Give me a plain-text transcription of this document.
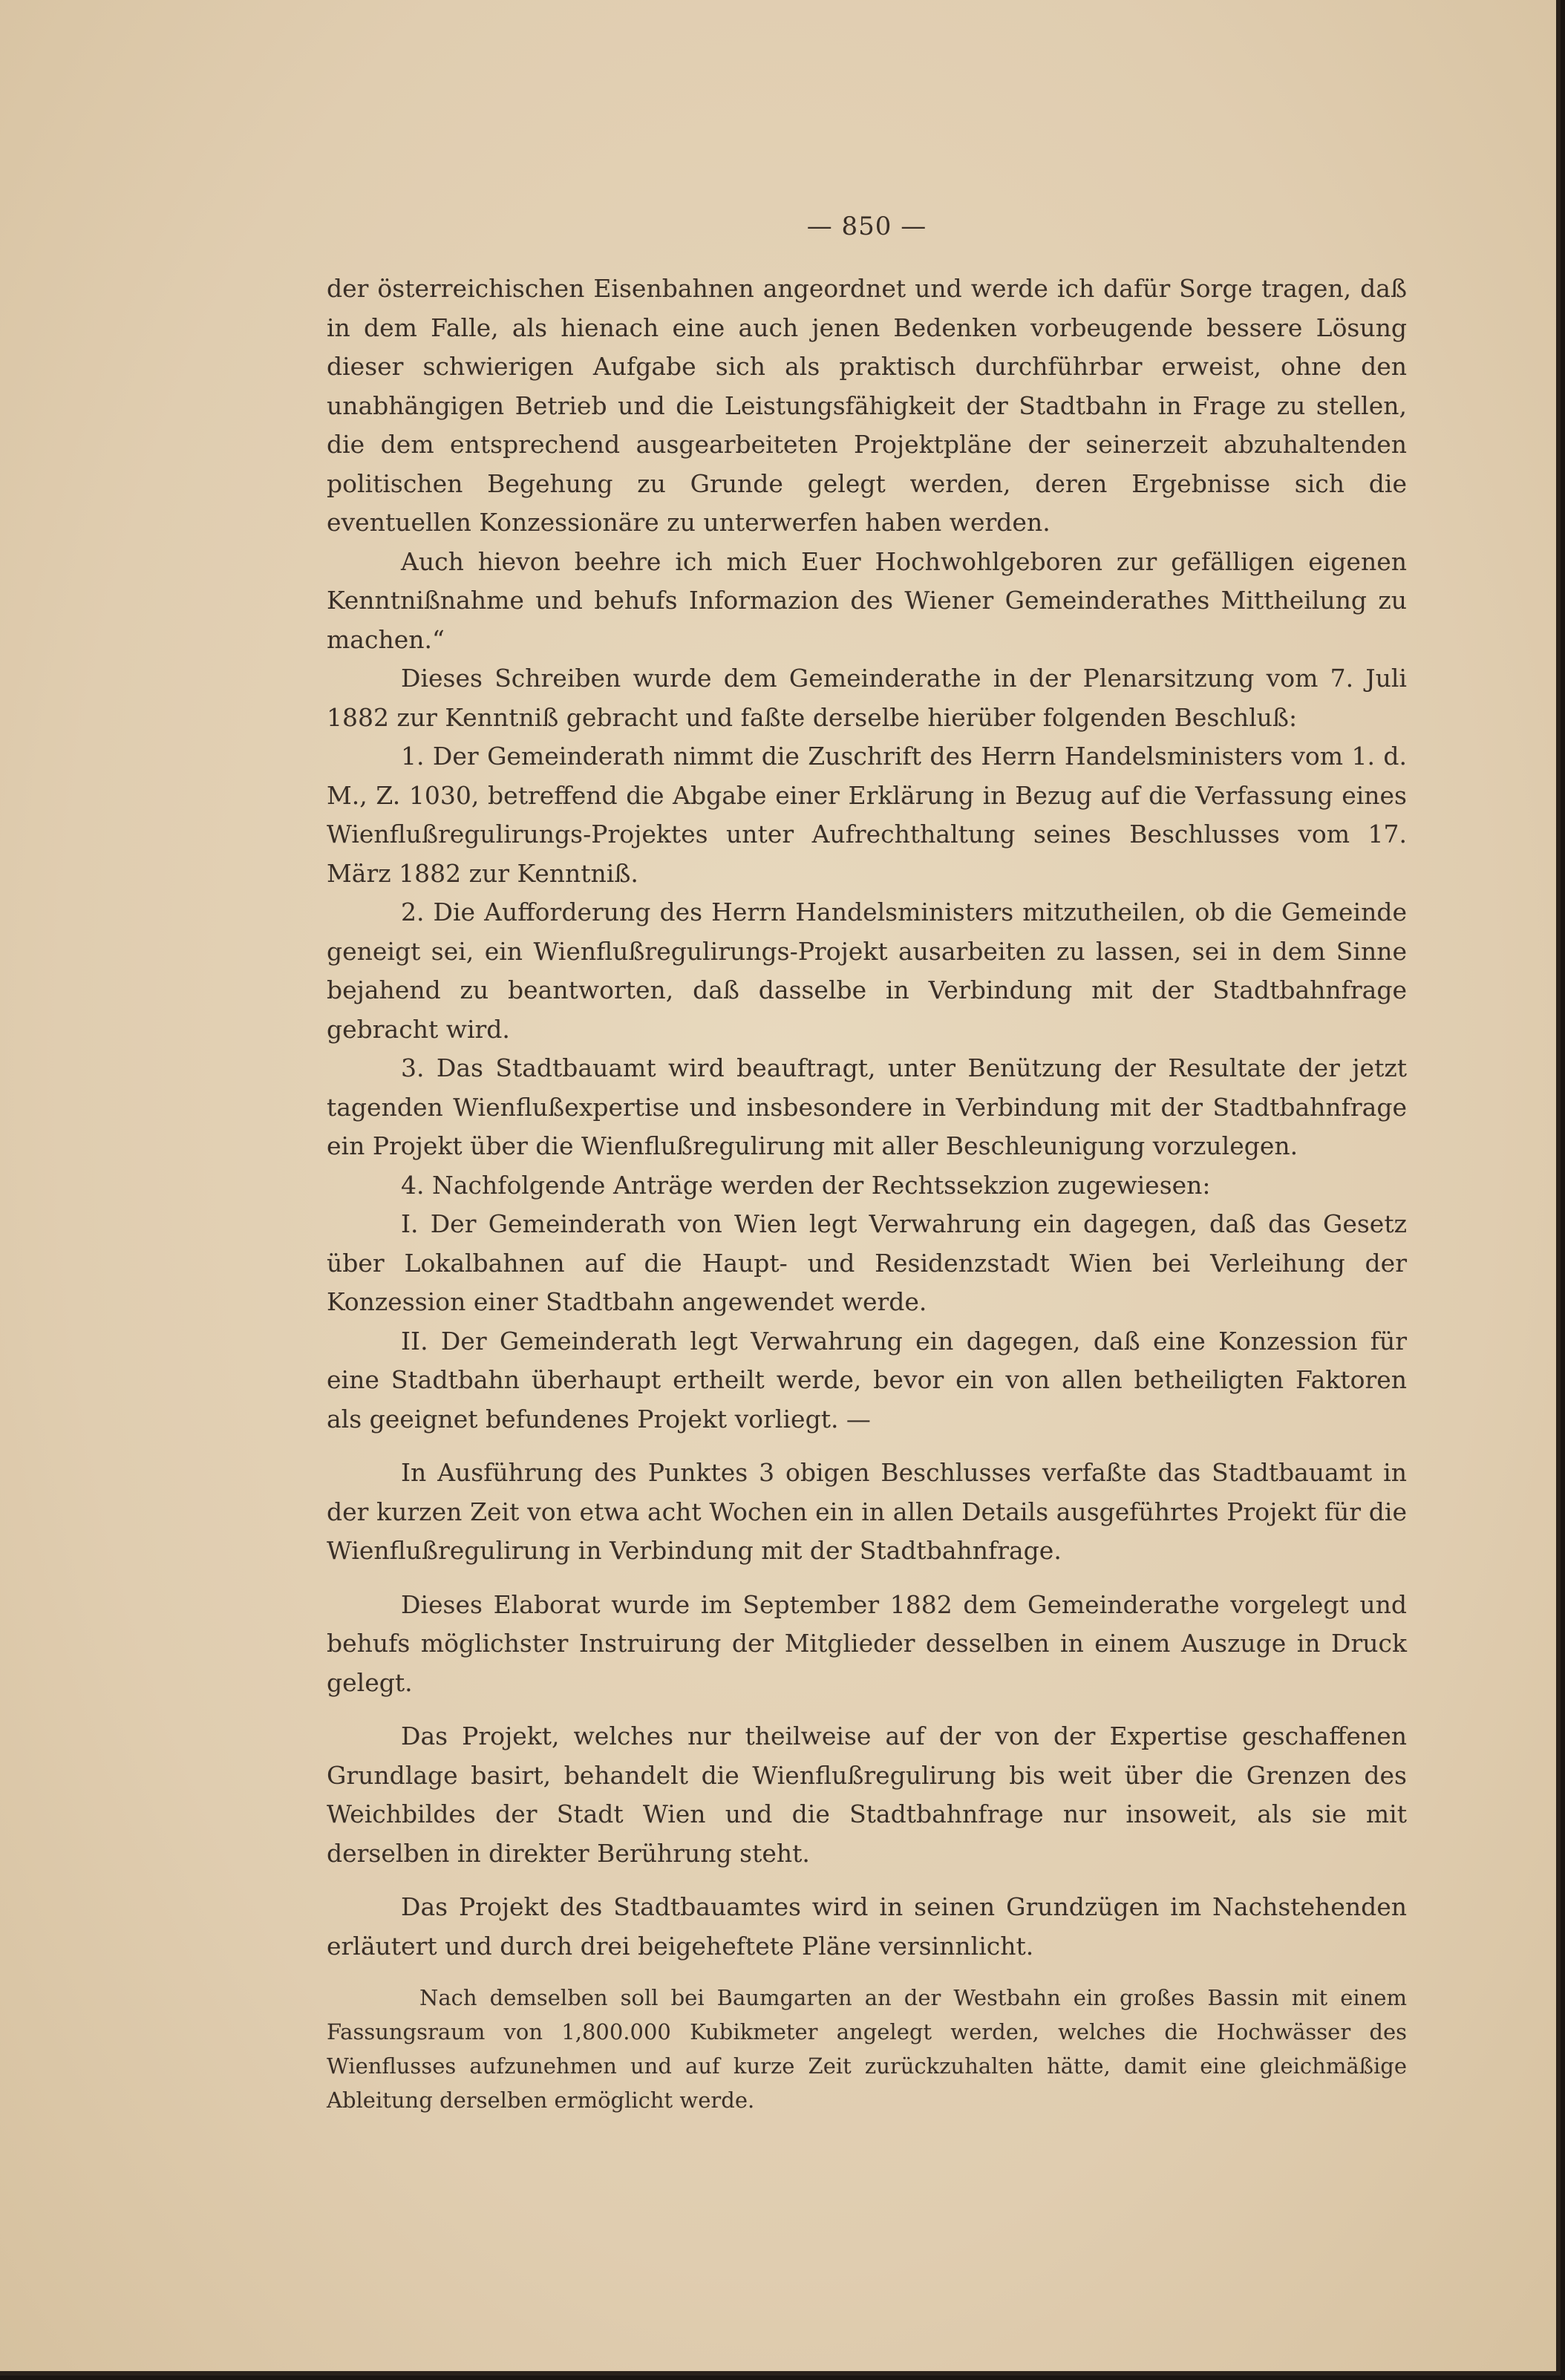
— 850 —

der österreichischen Eisenbahnen angeordnet und werde ich dafür Sorge tragen, daß in dem Falle, als hienach eine auch jenen Bedenken vorbeugende bessere Lösung dieser schwierigen Aufgabe sich als praktisch durchführbar erweist, ohne den unabhängigen Betrieb und die Leistungsfähigkeit der Stadtbahn in Frage zu stellen, die dem entsprechend ausgearbeiteten Projektpläne der seinerzeit abzuhaltenden politischen Begehung zu Grunde gelegt werden, deren Ergebnisse sich die eventuellen Konzessionäre zu unterwerfen haben werden.

Auch hievon beehre ich mich Euer Hochwohlgeboren zur gefälligen eigenen Kenntnißnahme und behufs Informazion des Wiener Gemeinderathes Mittheilung zu machen.“

Dieses Schreiben wurde dem Gemeinderathe in der Plenarsitzung vom 7. Juli 1882 zur Kenntniß gebracht und faßte derselbe hierüber folgenden Beschluß:

1. Der Gemeinderath nimmt die Zuschrift des Herrn Handelsministers vom 1. d. M., Z. 1030, betreffend die Abgabe einer Erklärung in Bezug auf die Verfassung eines Wienflußregulirungs-Projektes unter Aufrechthaltung seines Beschlusses vom 17. März 1882 zur Kenntniß.

2. Die Aufforderung des Herrn Handelsministers mitzutheilen, ob die Gemeinde geneigt sei, ein Wienflußregulirungs-Projekt ausarbeiten zu lassen, sei in dem Sinne bejahend zu beantworten, daß dasselbe in Verbindung mit der Stadtbahnfrage gebracht wird.

3. Das Stadtbauamt wird beauftragt, unter Benützung der Resultate der jetzt tagenden Wienflußexpertise und insbesondere in Verbindung mit der Stadtbahnfrage ein Projekt über die Wienflußregulirung mit aller Beschleunigung vorzulegen.

4. Nachfolgende Anträge werden der Rechtssekzion zugewiesen:

I. Der Gemeinderath von Wien legt Verwahrung ein dagegen, daß das Gesetz über Lokalbahnen auf die Haupt- und Residenzstadt Wien bei Verleihung der Konzession einer Stadtbahn angewendet werde.

II. Der Gemeinderath legt Verwahrung ein dagegen, daß eine Konzession für eine Stadtbahn überhaupt ertheilt werde, bevor ein von allen betheiligten Faktoren als geeignet befundenes Projekt vorliegt. —

In Ausführung des Punktes 3 obigen Beschlusses verfaßte das Stadtbauamt in der kurzen Zeit von etwa acht Wochen ein in allen Details ausgeführtes Projekt für die Wienflußregulirung in Verbindung mit der Stadtbahnfrage.

Dieses Elaborat wurde im September 1882 dem Gemeinderathe vorgelegt und behufs möglichster Instruirung der Mitglieder desselben in einem Auszuge in Druck gelegt.

Das Projekt, welches nur theilweise auf der von der Expertise geschaffenen Grundlage basirt, behandelt die Wienflußregulirung bis weit über die Grenzen des Weichbildes der Stadt Wien und die Stadtbahnfrage nur insoweit, als sie mit derselben in direkter Berührung steht.

Das Projekt des Stadtbauamtes wird in seinen Grundzügen im Nachstehenden erläutert und durch drei beigeheftete Pläne versinnlicht.

Nach demselben soll bei Baumgarten an der Westbahn ein großes Bassin mit einem Fassungsraum von 1,800.000 Kubikmeter angelegt werden, welches die Hochwässer des Wienflusses aufzunehmen und auf kurze Zeit zurückzuhalten hätte, damit eine gleichmäßige Ableitung derselben ermöglicht werde.
